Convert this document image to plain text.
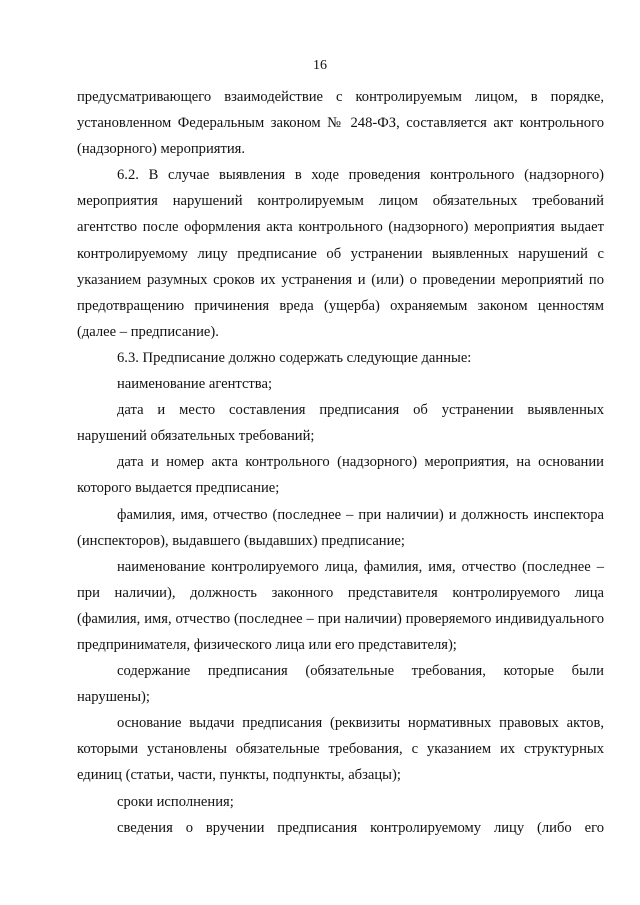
16

предусматривающего взаимодействие с контролируемым лицом, в порядке, установленном Федеральным законом № 248-ФЗ, составляется акт контрольного (надзорного) мероприятия.

6.2. В случае выявления в ходе проведения контрольного (надзорного) мероприятия нарушений контролируемым лицом обязательных требований агентство после оформления акта контрольного (надзорного) мероприятия выдает контролируемому лицу предписание об устранении выявленных нарушений с указанием разумных сроков их устранения и (или) о проведении мероприятий по предотвращению причинения вреда (ущерба) охраняемым законом ценностям (далее – предписание).

6.3. Предписание должно содержать следующие данные:

наименование агентства;

дата и место составления предписания об устранении выявленных нарушений обязательных требований;

дата и номер акта контрольного (надзорного) мероприятия, на основании которого выдается предписание;

фамилия, имя, отчество (последнее – при наличии) и должность инспектора (инспекторов), выдавшего (выдавших) предписание;

наименование контролируемого лица, фамилия, имя, отчество (последнее – при наличии), должность законного представителя контролируемого лица (фамилия, имя, отчество (последнее – при наличии) проверяемого индивидуального предпринимателя, физического лица или его представителя);

содержание предписания (обязательные требования, которые были нарушены);

основание выдачи предписания (реквизиты нормативных правовых актов, которыми установлены обязательные требования, с указанием их структурных единиц (статьи, части, пункты, подпункты, абзацы);

сроки исполнения;

сведения о вручении предписания контролируемому лицу (либо его
